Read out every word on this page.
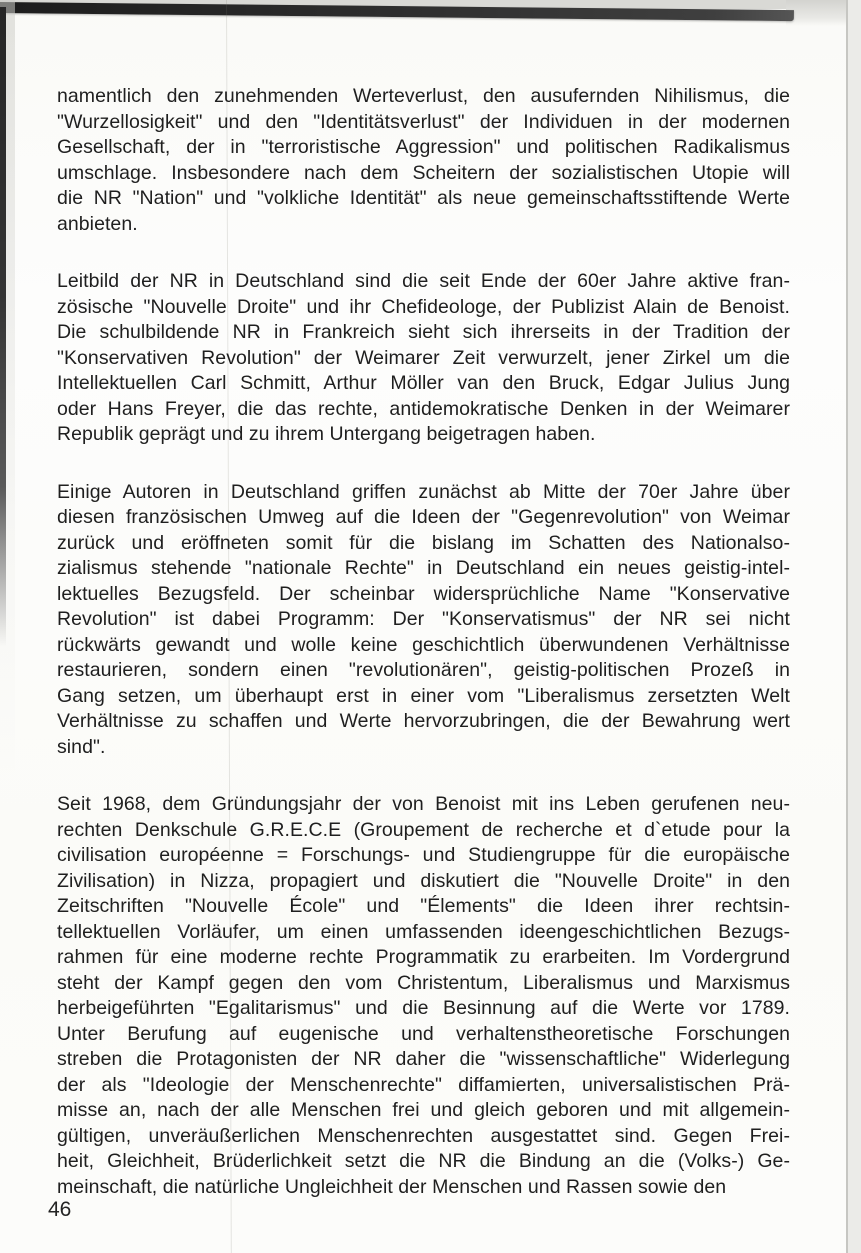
namentlich den zunehmenden Werteverlust, den ausufernden Nihilismus, die
"Wurzellosigkeit" und den "Identitätsverlust" der Individuen in der modernen
Gesellschaft, der in "terroristische Aggression" und politischen Radikalismus
umschlage. Insbesondere nach dem Scheitern der sozialistischen Utopie will
die NR "Nation" und "volkliche Identität" als neue gemeinschaftsstiftende Werte
anbieten.
Leitbild der NR in Deutschland sind die seit Ende der 60er Jahre aktive fran-
zösische "Nouvelle Droite" und ihr Chefideologe, der Publizist Alain de Benoist.
Die schulbildende NR in Frankreich sieht sich ihrerseits in der Tradition der
"Konservativen Revolution" der Weimarer Zeit verwurzelt, jener Zirkel um die
Intellektuellen Carl Schmitt, Arthur Möller van den Bruck, Edgar Julius Jung
oder Hans Freyer, die das rechte, antidemokratische Denken in der Weimarer
Republik geprägt und zu ihrem Untergang beigetragen haben.
Einige Autoren in Deutschland griffen zunächst ab Mitte der 70er Jahre über
diesen französischen Umweg auf die Ideen der "Gegenrevolution" von Weimar
zurück und eröffneten somit für die bislang im Schatten des Nationalso-
zialismus stehende "nationale Rechte" in Deutschland ein neues geistig-intel-
lektuelles Bezugsfeld. Der scheinbar widersprüchliche Name "Konservative
Revolution" ist dabei Programm: Der "Konservatismus" der NR sei nicht
rückwärts gewandt und wolle keine geschichtlich überwundenen Verhältnisse
restaurieren, sondern einen "revolutionären", geistig-politischen Prozeß in
Gang setzen, um überhaupt erst in einer vom "Liberalismus zersetzten Welt
Verhältnisse zu schaffen und Werte hervorzubringen, die der Bewahrung wert
sind".
Seit 1968, dem Gründungsjahr der von Benoist mit ins Leben gerufenen neu-
rechten Denkschule G.R.E.C.E (Groupement de recherche et d`etude pour la
civilisation européenne = Forschungs- und Studiengruppe für die europäische
Zivilisation) in Nizza, propagiert und diskutiert die "Nouvelle Droite" in den
Zeitschriften "Nouvelle École" und "Élements" die Ideen ihrer rechtsin-
tellektuellen Vorläufer, um einen umfassenden ideengeschichtlichen Bezugs-
rahmen für eine moderne rechte Programmatik zu erarbeiten. Im Vordergrund
steht der Kampf gegen den vom Christentum, Liberalismus und Marxismus
herbeigeführten "Egalitarismus" und die Besinnung auf die Werte vor 1789.
Unter Berufung auf eugenische und verhaltenstheoretische Forschungen
streben die Protagonisten der NR daher die "wissenschaftliche" Widerlegung
der als "Ideologie der Menschenrechte" diffamierten, universalistischen Prä-
misse an, nach der alle Menschen frei und gleich geboren und mit allgemein-
gültigen, unveräußerlichen Menschenrechten ausgestattet sind. Gegen Frei-
heit, Gleichheit, Brüderlichkeit setzt die NR die Bindung an die (Volks-) Ge-
meinschaft, die natürliche Ungleichheit der Menschen und Rassen sowie den
46
